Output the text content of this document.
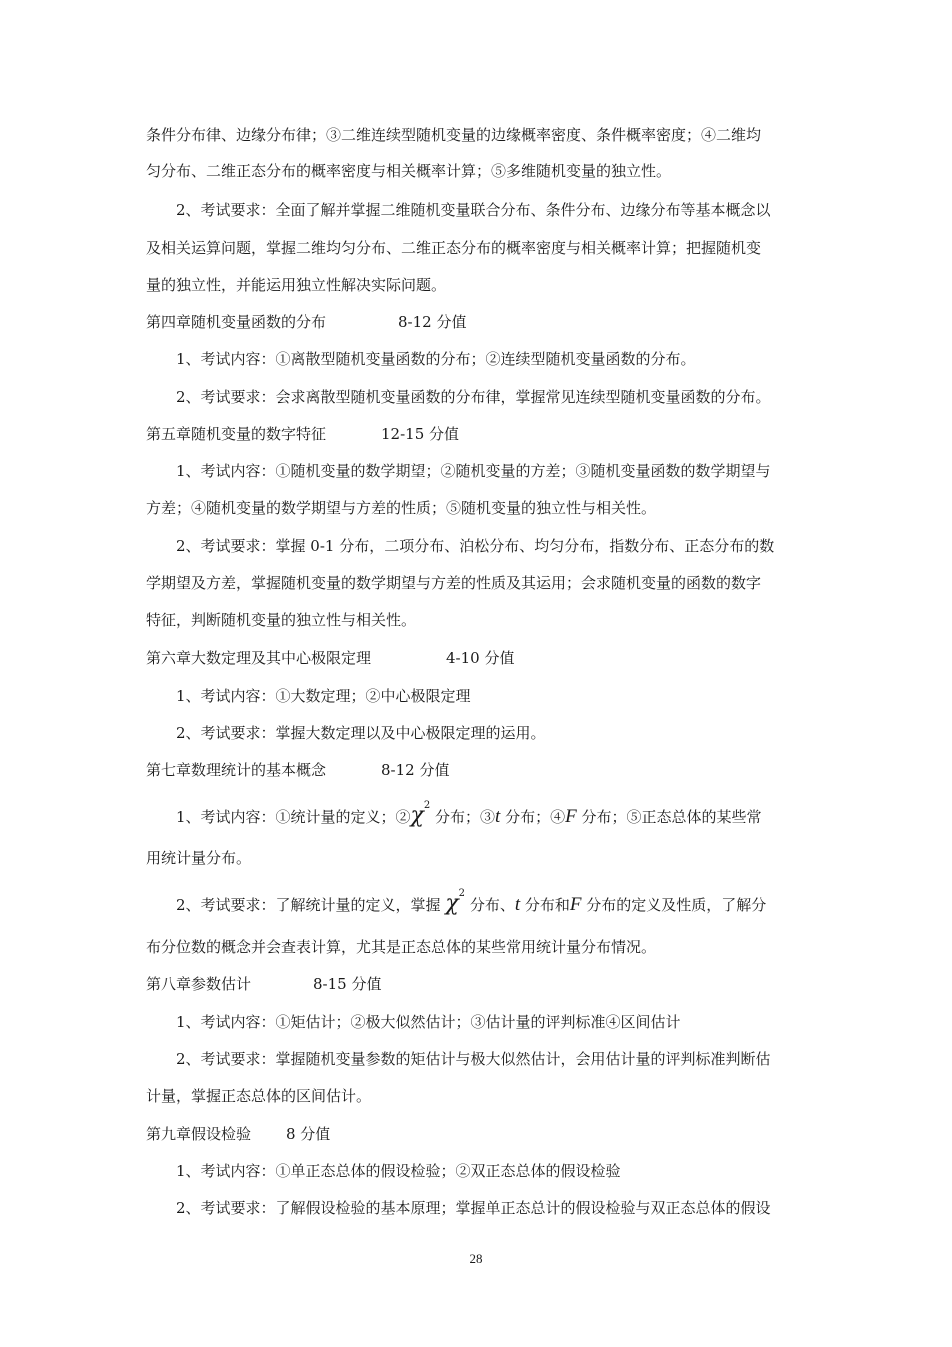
条件分布律、边缘分布律；③二维连续型随机变量的边缘概率密度、条件概率密度；④二维均
匀分布、二维正态分布的概率密度与相关概率计算；⑤多维随机变量的独立性。
2、考试要求：全面了解并掌握二维随机变量联合分布、条件分布、边缘分布等基本概念以
及相关运算问题，掌握二维均匀分布、二维正态分布的概率密度与相关概率计算；把握随机变
量的独立性，并能运用独立性解决实际问题。
第四章随机变量函数的分布	8-12 分值
1、考试内容：①离散型随机变量函数的分布；②连续型随机变量函数的分布。
2、考试要求：会求离散型随机变量函数的分布律，掌握常见连续型随机变量函数的分布。
第五章随机变量的数字特征	12-15 分值
1、考试内容：①随机变量的数学期望；②随机变量的方差；③随机变量函数的数学期望与
方差；④随机变量的数学期望与方差的性质；⑤随机变量的独立性与相关性。
2、考试要求：掌握 0-1 分布，二项分布、泊松分布、均匀分布，指数分布、正态分布的数
学期望及方差，掌握随机变量的数学期望与方差的性质及其运用；会求随机变量的函数的数字
特征，判断随机变量的独立性与相关性。
第六章大数定理及其中心极限定理	4-10 分值
1、考试内容：①大数定理；②中心极限定理
2、考试要求：掌握大数定理以及中心极限定理的运用。
第七章数理统计的基本概念	8-12 分值
1、考试内容：①统计量的定义；$②\chi^2$ 分布；③t 分布；④F 分布；⑤正态总体的某些常
用统计量分布。
2、考试要求：了解统计量的定义，掌握 $\chi^2$ 分布、t 分布和F 分布的定义及性质，了解分
布分位数的概念并会查表计算，尤其是正态总体的某些常用统计量分布情况。
第八章参数估计	8-15 分值
1、考试内容：①矩估计；②极大似然估计；③估计量的评判标准④区间估计
2、考试要求：掌握随机变量参数的矩估计与极大似然估计，会用估计量的评判标准判断估
计量，掌握正态总体的区间估计。
第九章假设检验 8 分值
1、考试内容：①单正态总体的假设检验；②双正态总体的假设检验
2、考试要求：了解假设检验的基本原理；掌握单正态总计的假设检验与双正态总体的假设
28
